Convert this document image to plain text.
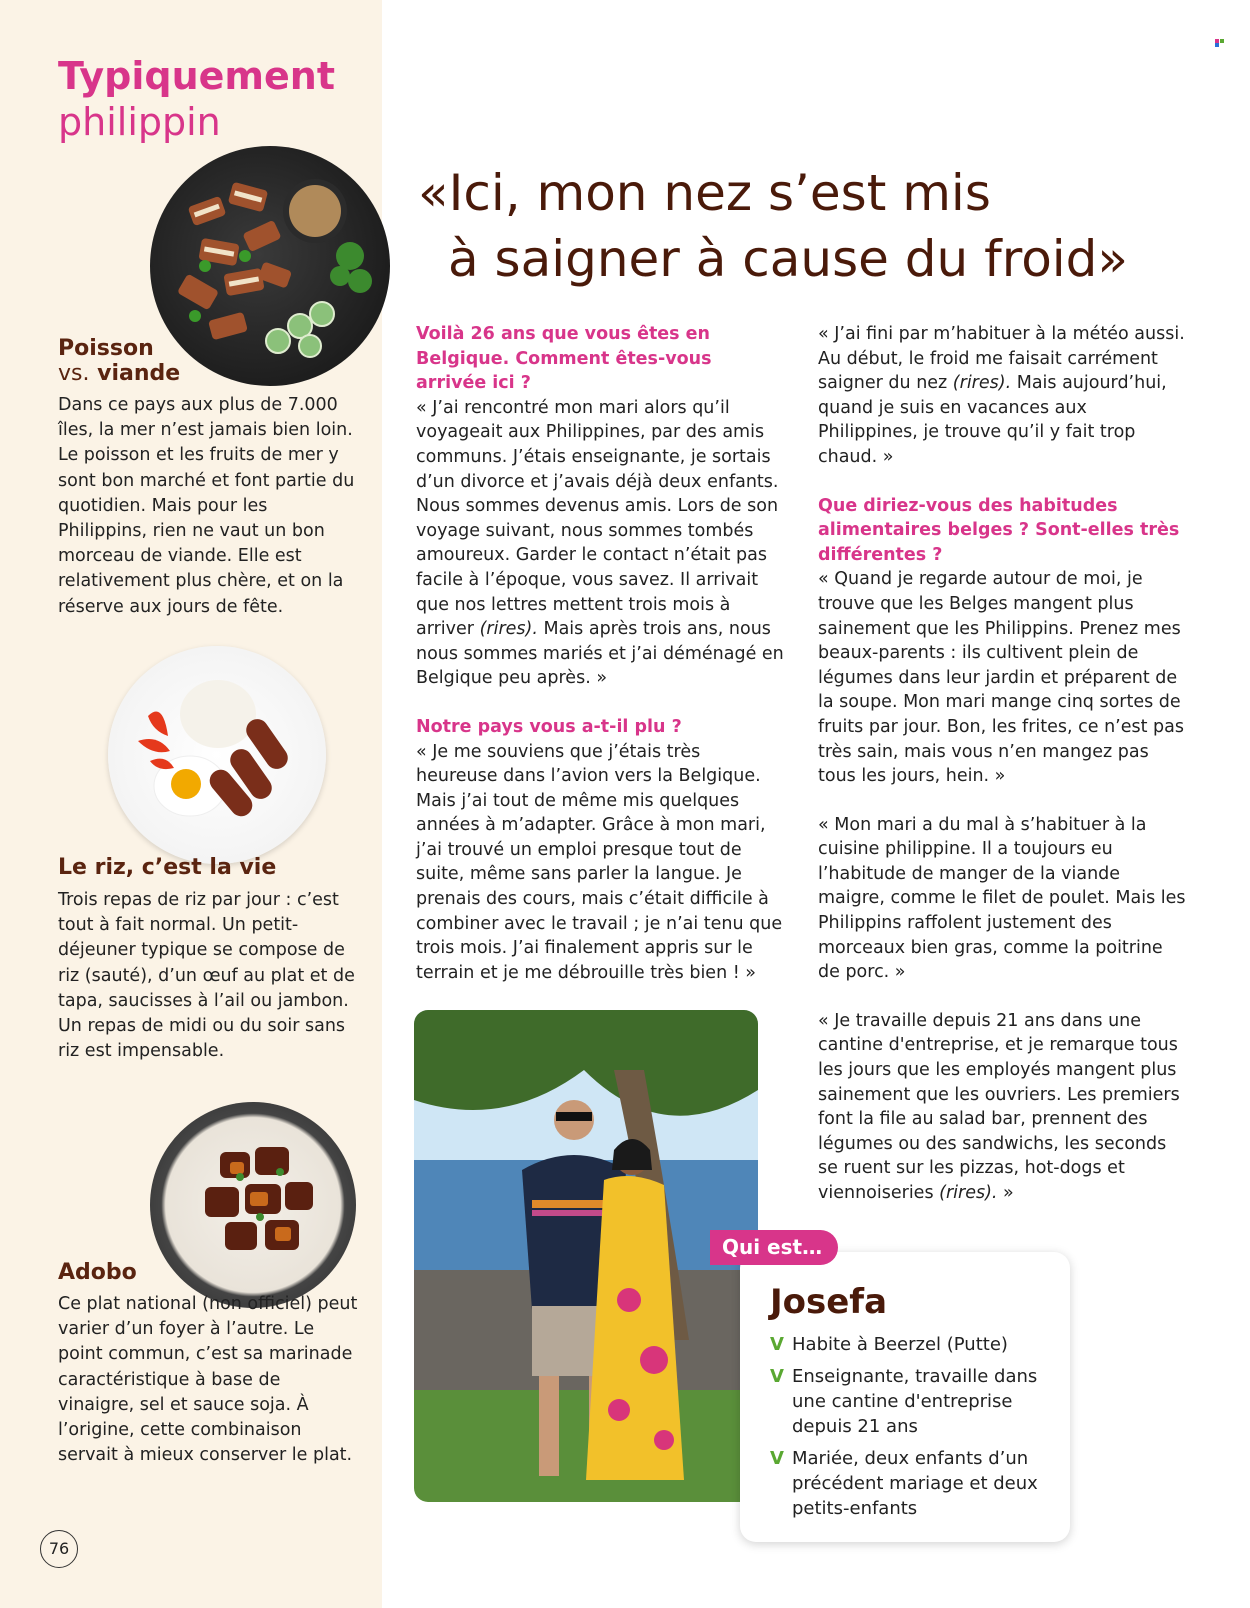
Typiquement
philippin
Poisson
vs. viande
Dans ce pays aux plus de 7.000 îles, la mer n’est jamais bien loin. Le poisson et les fruits de mer y sont bon marché et font partie du quotidien. Mais pour les Philippins, rien ne vaut un bon morceau de viande. Elle est relativement plus chère, et on la réserve aux jours de fête.
Le riz, c’est la vie
Trois repas de riz par jour : c’est tout à fait normal. Un petit-déjeuner typique se compose de riz (sauté), d’un œuf au plat et de tapa, saucisses à l’ail ou jambon. Un repas de midi ou du soir sans riz est impensable.
Adobo
Ce plat national (non officiel) peut varier d’un foyer à l’autre. Le point commun, c’est sa marinade caractéristique à base de vinaigre, sel et sauce soja. À l’origine, cette combinaison servait à mieux conserver le plat.
76
«Ici, mon nez s’est mis
à saigner à cause du froid»
Voilà 26 ans que vous êtes en Belgique. Comment êtes-vous arrivée ici ?
« J’ai rencontré mon mari alors qu’il voyageait aux Philippines, par des amis communs. J’étais enseignante, je sortais d’un divorce et j’avais déjà deux enfants. Nous sommes devenus amis. Lors de son voyage suivant, nous sommes tombés amoureux. Garder le contact n’était pas facile à l’époque, vous savez. Il arrivait que nos lettres mettent trois mois à arriver (rires). Mais après trois ans, nous nous sommes mariés et j’ai déménagé en Belgique peu après. »
Notre pays vous a-t-il plu ?
« Je me souviens que j’étais très heureuse dans l’avion vers la Belgique. Mais j’ai tout de même mis quelques années à m’adapter. Grâce à mon mari, j’ai trouvé un emploi presque tout de suite, même sans parler la langue. Je prenais des cours, mais c’était difficile à combiner avec le travail ; je n’ai tenu que trois mois. J’ai finalement appris sur le terrain et je me débrouille très bien ! »
« J’ai fini par m’habituer à la météo aussi. Au début, le froid me faisait carrément saigner du nez (rires). Mais aujourd’hui, quand je suis en vacances aux Philippines, je trouve qu’il y fait trop chaud. »
Que diriez-vous des habitudes alimentaires belges ? Sont-elles très différentes ?
« Quand je regarde autour de moi, je trouve que les Belges mangent plus sainement que les Philippins. Prenez mes beaux-parents : ils cultivent plein de légumes dans leur jardin et préparent de la soupe. Mon mari mange cinq sortes de fruits par jour. Bon, les frites, ce n’est pas très sain, mais vous n’en mangez pas tous les jours, hein. »
« Mon mari a du mal à s’habituer à la cuisine philippine. Il a toujours eu l’habitude de manger de la viande maigre, comme le filet de poulet. Mais les Philippins raffolent justement des morceaux bien gras, comme la poitrine de porc. »
« Je travaille depuis 21 ans dans une cantine d'entreprise, et je remarque tous les jours que les employés mangent plus sainement que les ouvriers. Les premiers font la file au salad bar, prennent des légumes ou des sandwichs, les seconds se ruent sur les pizzas, hot-dogs et viennoiseries (rires). »
Qui est…
Josefa
V Habite à Beerzel (Putte)
V Enseignante, travaille dans une cantine d'entreprise depuis 21 ans
V Mariée, deux enfants d’un précédent mariage et deux petits-enfants
